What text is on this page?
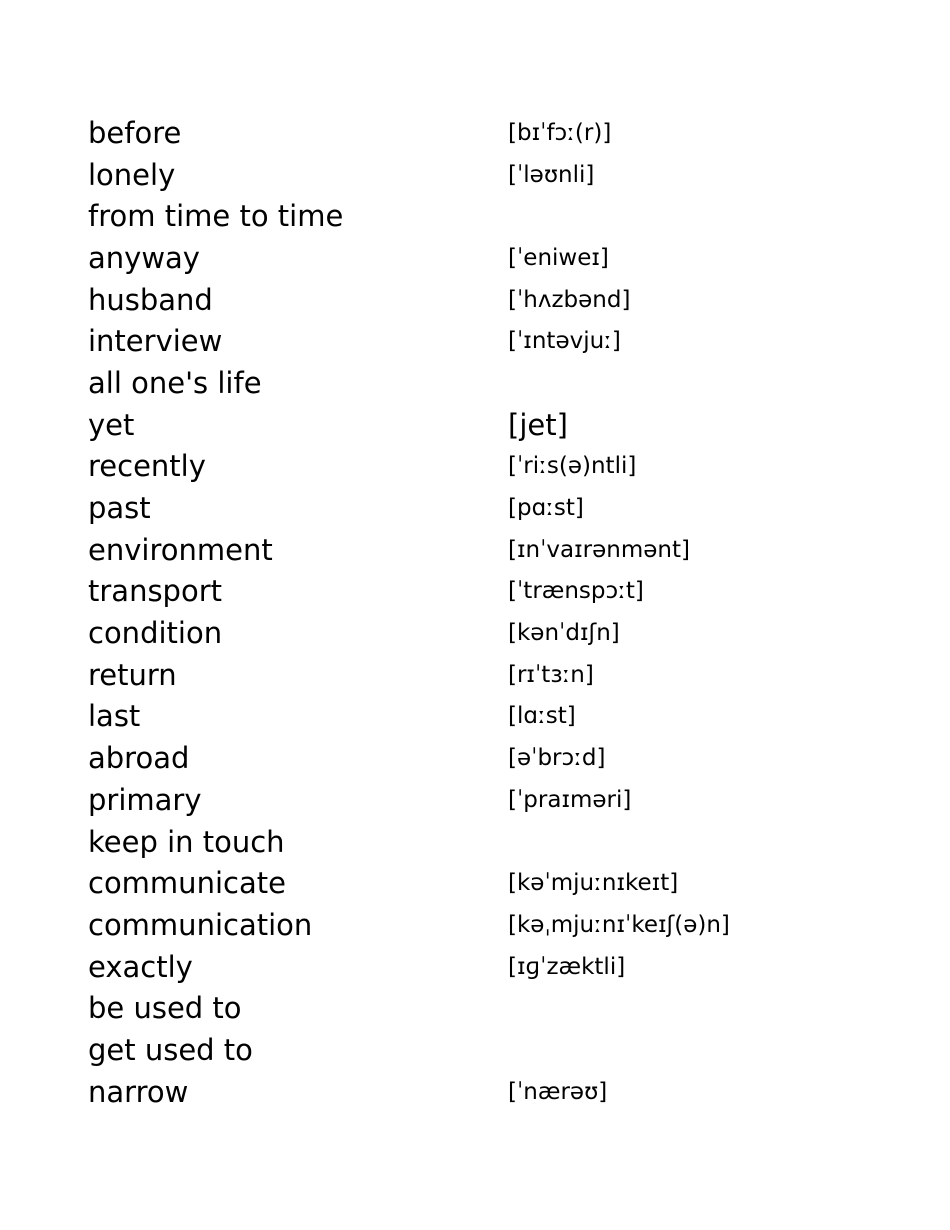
before	[bɪˈfɔː(r)]
lonely	[ˈləʊnli]
from time to time
anyway	[ˈeniweɪ]
husband	[ˈhʌzbənd]
interview	[ˈɪntəvjuː]
all one's life
yet	[jet]
recently	[ˈriːs(ə)ntli]
past	[pɑːst]
environment	[ɪnˈvaɪrənmənt]
transport	[ˈtrænspɔːt]
condition	[kənˈdɪʃn]
return	[rɪˈtɜːn]
last	[lɑːst]
abroad	[əˈbrɔːd]
primary	[ˈpraɪməri]
keep in touch
communicate	[kəˈmjuːnɪkeɪt]
communication	[kəˌmjuːnɪˈkeɪʃ(ə)n]
exactly	[ɪɡˈzæktli]
be used to
get used to
narrow	[ˈnærəʊ]
